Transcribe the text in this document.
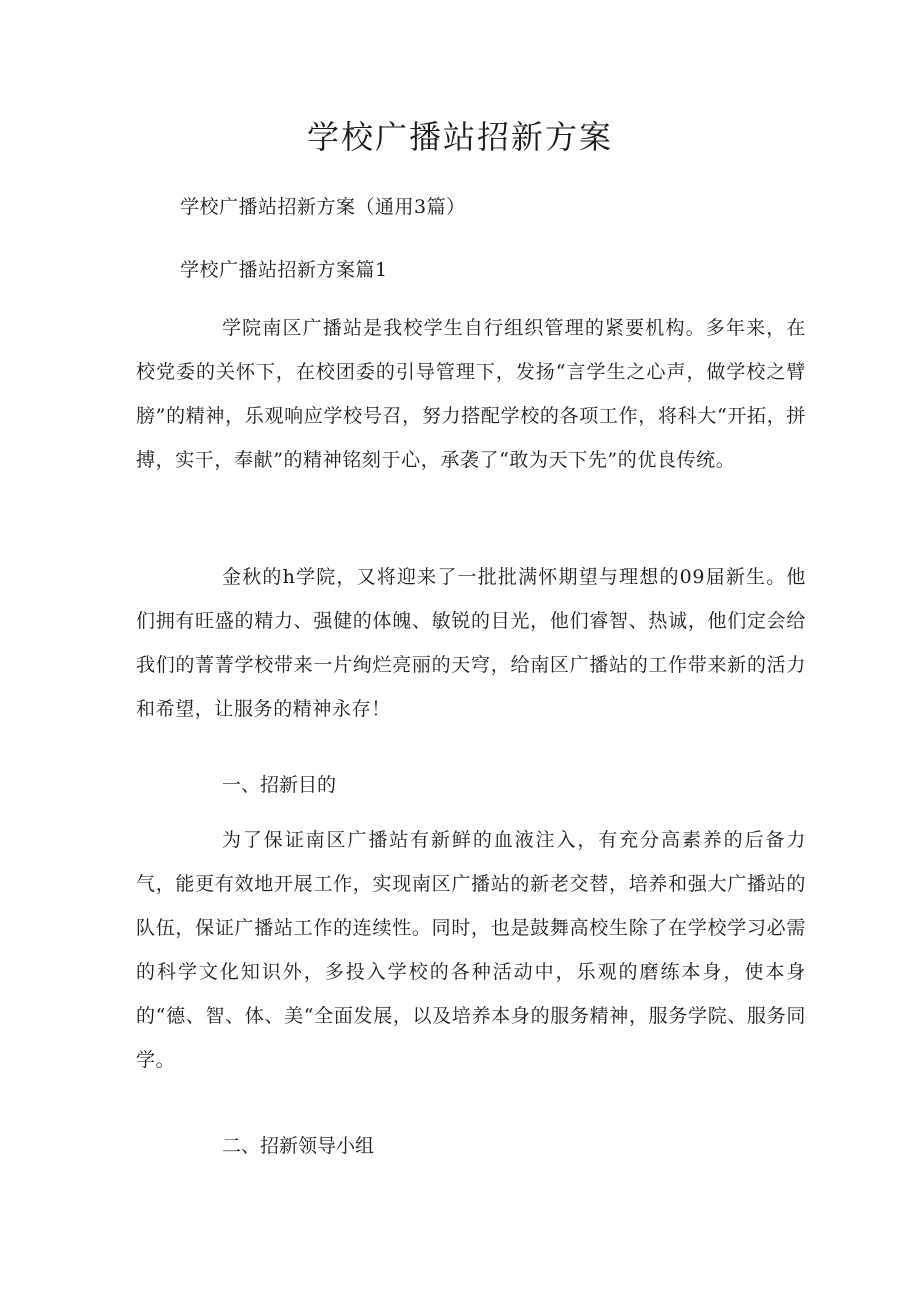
学校广播站招新方案

学校广播站招新方案（通用3篇）

学校广播站招新方案篇1

学院南区广播站是我校学生自行组织管理的紧要机构。多年来，在校党委的关怀下，在校团委的引导管理下，发扬“言学生之心声，做学校之臂膀”的精神，乐观响应学校号召，努力搭配学校的各项工作，将科大“开拓，拼搏，实干，奉献”的精神铭刻于心，承袭了“敢为天下先”的优良传统。

金秋的h学院，又将迎来了一批批满怀期望与理想的09届新生。他们拥有旺盛的精力、强健的体魄、敏锐的目光，他们睿智、热诚，他们定会给我们的菁菁学校带来一片绚烂亮丽的天穹，给南区广播站的工作带来新的活力和希望，让服务的精神永存！

一、招新目的

为了保证南区广播站有新鲜的血液注入，有充分高素养的后备力气，能更有效地开展工作，实现南区广播站的新老交替，培养和强大广播站的队伍，保证广播站工作的连续性。同时，也是鼓舞高校生除了在学校学习必需的科学文化知识外，多投入学校的各种活动中，乐观的磨练本身，使本身的“德、智、体、美“全面发展，以及培养本身的服务精神，服务学院、服务同学。

二、招新领导小组
